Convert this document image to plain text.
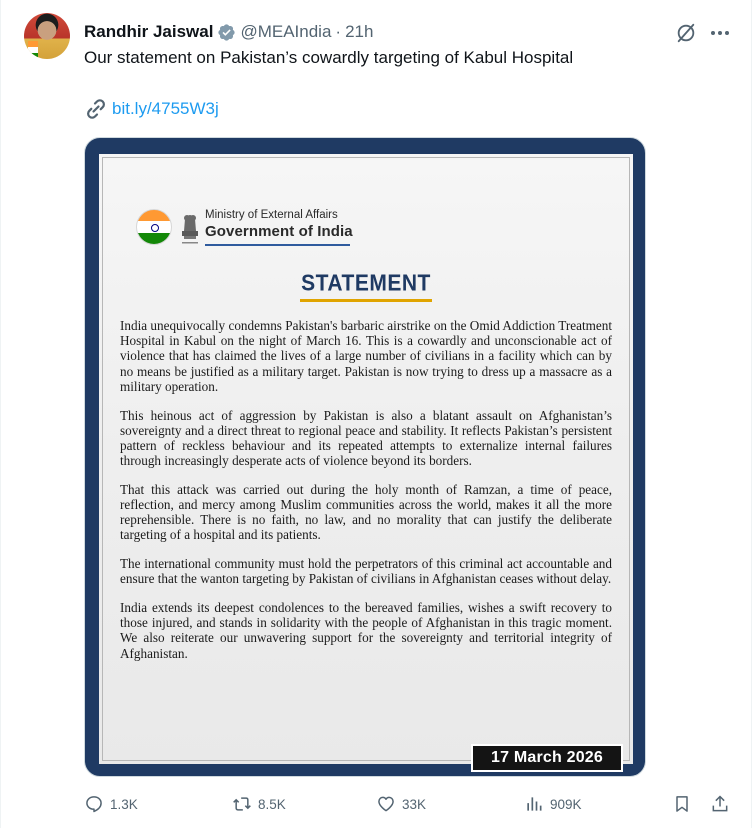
Randhir Jaiswal @MEAIndia · 21h
Our statement on Pakistan’s cowardly targeting of Kabul Hospital
bit.ly/4755W3j
Ministry of External Affairs
Government of India
STATEMENT

India unequivocally condemns Pakistan's barbaric airstrike on the Omid Addiction Treatment Hospital in Kabul on the night of March 16. This is a cowardly and unconscionable act of violence that has claimed the lives of a large number of civilians in a facility which can by no means be justified as a military target. Pakistan is now trying to dress up a massacre as a military operation.

This heinous act of aggression by Pakistan is also a blatant assault on Afghanistan’s sovereignty and a direct threat to regional peace and stability. It reflects Pakistan’s persistent pattern of reckless behaviour and its repeated attempts to externalize internal failures through increasingly desperate acts of violence beyond its borders.

That this attack was carried out during the holy month of Ramzan, a time of peace, reflection, and mercy among Muslim communities across the world, makes it all the more reprehensible. There is no faith, no law, and no morality that can justify the deliberate targeting of a hospital and its patients.

The international community must hold the perpetrators of this criminal act accountable and ensure that the wanton targeting by Pakistan of civilians in Afghanistan ceases without delay.

India extends its deepest condolences to the bereaved families, wishes a swift recovery to those injured, and stands in solidarity with the people of Afghanistan in this tragic moment. We also reiterate our unwavering support for the sovereignty and territorial integrity of Afghanistan.

17 March 2026
1.3K	8.5K	33K	909K
